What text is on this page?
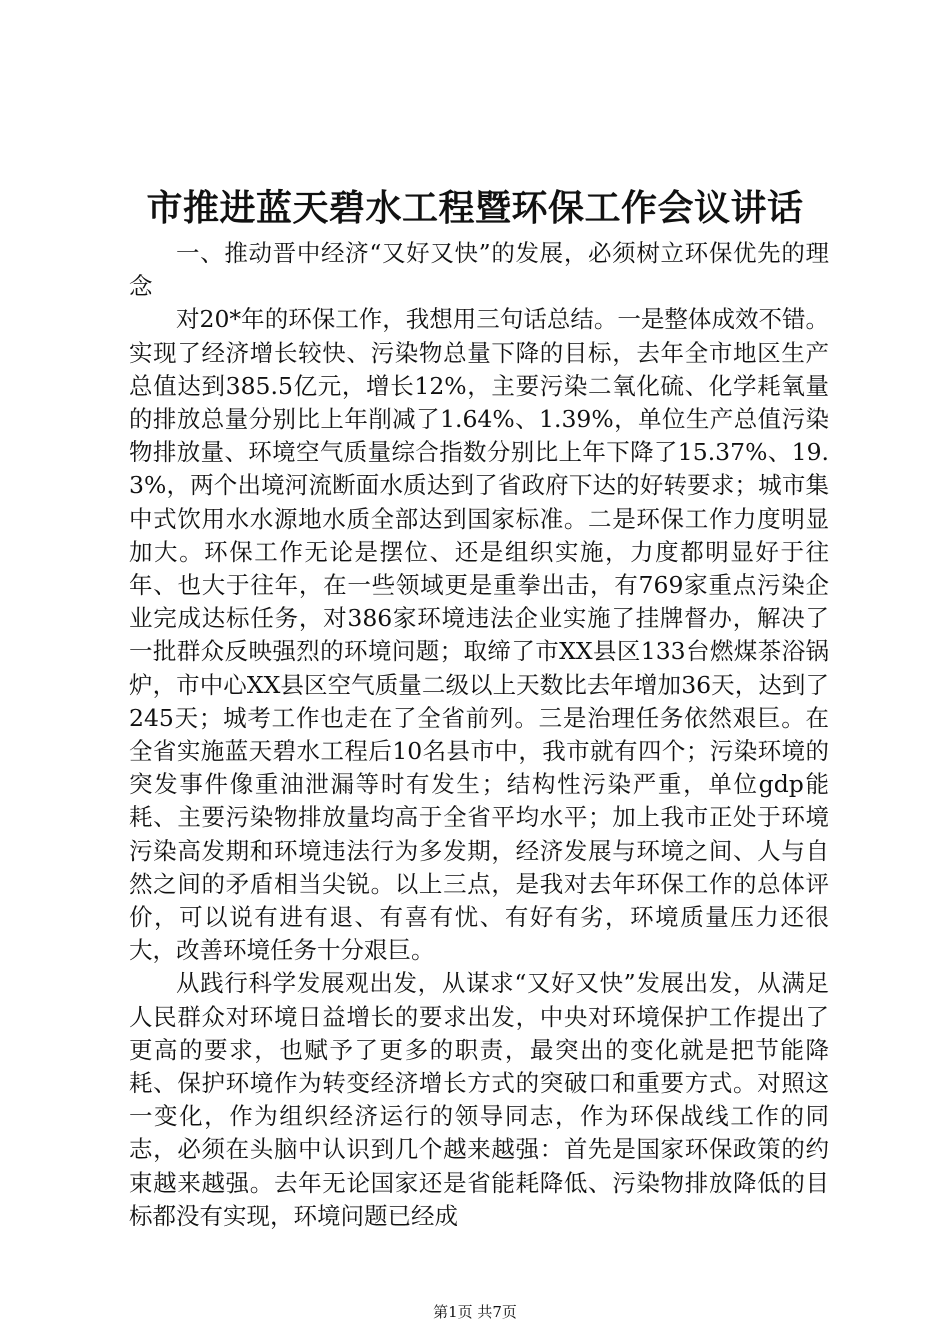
市推进蓝天碧水工程暨环保工作会议讲话

一、推动晋中经济“又好又快”的发展，必须树立环保优先的理念

对20*年的环保工作，我想用三句话总结。一是整体成效不错。实现了经济增长较快、污染物总量下降的目标，去年全市地区生产总值达到385.5亿元，增长12%，主要污染二氧化硫、化学耗氧量的排放总量分别比上年削减了1.64%、1.39%，单位生产总值污染物排放量、环境空气质量综合指数分别比上年下降了15.37%、19.3%，两个出境河流断面水质达到了省政府下达的好转要求；城市集中式饮用水水源地水质全部达到国家标准。二是环保工作力度明显加大。环保工作无论是摆位、还是组织实施，力度都明显好于往年、也大于往年，在一些领域更是重拳出击，有769家重点污染企业完成达标任务，对386家环境违法企业实施了挂牌督办，解决了一批群众反映强烈的环境问题；取缔了市XX县区133台燃煤茶浴锅炉，市中心XX县区空气质量二级以上天数比去年增加36天，达到了245天；城考工作也走在了全省前列。三是治理任务依然艰巨。在全省实施蓝天碧水工程后10名县市中，我市就有四个；污染环境的突发事件像重油泄漏等时有发生；结构性污染严重，单位gdp能耗、主要污染物排放量均高于全省平均水平；加上我市正处于环境污染高发期和环境违法行为多发期，经济发展与环境之间、人与自然之间的矛盾相当尖锐。以上三点，是我对去年环保工作的总体评价，可以说有进有退、有喜有忧、有好有劣，环境质量压力还很大，改善环境任务十分艰巨。

从践行科学发展观出发，从谋求“又好又快”发展出发，从满足人民群众对环境日益增长的要求出发，中央对环境保护工作提出了更高的要求，也赋予了更多的职责，最突出的变化就是把节能降耗、保护环境作为转变经济增长方式的突破口和重要方式。对照这一变化，作为组织经济运行的领导同志，作为环保战线工作的同志，必须在头脑中认识到几个越来越强：首先是国家环保政策的约束越来越强。去年无论国家还是省能耗降低、污染物排放降低的目标都没有实现，环境问题已经成

第1页 共7页
